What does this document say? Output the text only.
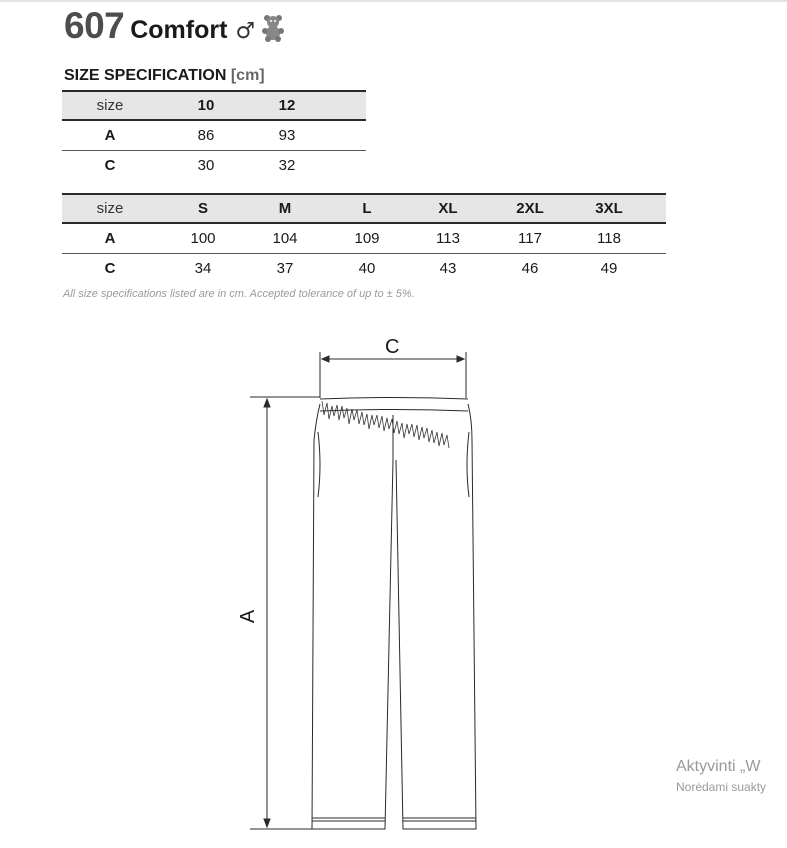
607 Comfort ♂
SIZE SPECIFICATION [cm]
size	10	12	
A	86	93	
C	30	32	
size	S	M	L	XL	2XL	3XL	
A	100	104	109	113	117	118	
C	34	37	40	43	46	49	
All size specifications listed are in cm. Accepted tolerance of up to ± 5%.
C
A
Aktyvinti „W
Norėdami suakty
